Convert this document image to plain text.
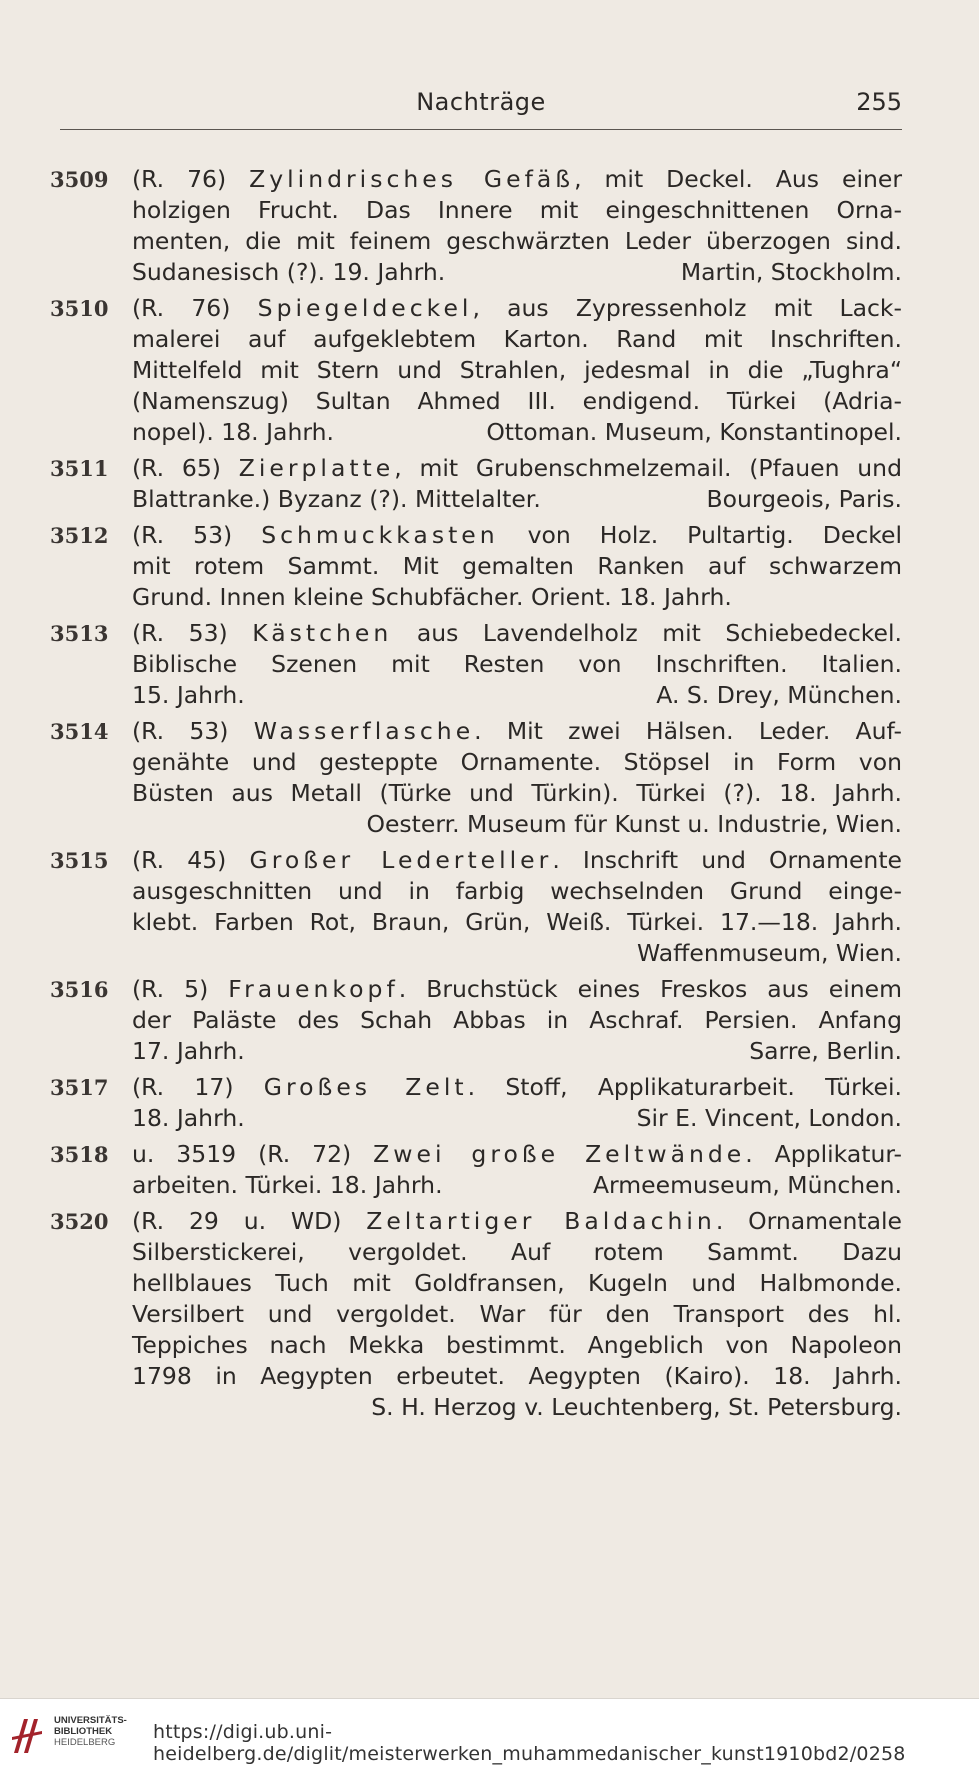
Nachträge	255
3509 (R. 76) Zylindrisches Gefäß, mit Deckel. Aus einer
holzigen Frucht. Das Innere mit eingeschnittenen Orna-
menten, die mit feinem geschwärzten Leder überzogen sind.
Sudanesisch (?). 19. Jahrh.	Martin, Stockholm.
3510 (R. 76) Spiegeldeckel, aus Zypressenholz mit Lack-
malerei auf aufgeklebtem Karton. Rand mit Inschriften.
Mittelfeld mit Stern und Strahlen, jedesmal in die „Tughra“
(Namenszug) Sultan Ahmed III. endigend. Türkei (Adria-
nopel). 18. Jahrh.	Ottoman. Museum, Konstantinopel.
3511 (R. 65) Zierplatte, mit Grubenschmelzemail. (Pfauen und
Blattranke.) Byzanz (?). Mittelalter.	Bourgeois, Paris.
3512 (R. 53) Schmuckkasten von Holz. Pultartig. Deckel
mit rotem Sammt. Mit gemalten Ranken auf schwarzem
Grund. Innen kleine Schubfächer. Orient. 18. Jahrh.
3513 (R. 53) Kästchen aus Lavendelholz mit Schiebedeckel.
Biblische Szenen mit Resten von Inschriften. Italien.
15. Jahrh.	A. S. Drey, München.
3514 (R. 53) Wasserflasche. Mit zwei Hälsen. Leder. Auf-
genähte und gesteppte Ornamente. Stöpsel in Form von
Büsten aus Metall (Türke und Türkin). Türkei (?). 18. Jahrh.
Oesterr. Museum für Kunst u. Industrie, Wien.
3515 (R. 45) Großer Lederteller. Inschrift und Ornamente
ausgeschnitten und in farbig wechselnden Grund einge-
klebt. Farben Rot, Braun, Grün, Weiß. Türkei. 17.—18. Jahrh.
Waffenmuseum, Wien.
3516 (R. 5) Frauenkopf. Bruchstück eines Freskos aus einem
der Paläste des Schah Abbas in Aschraf. Persien. Anfang
17. Jahrh.	Sarre, Berlin.
3517 (R. 17) Großes Zelt. Stoff, Applikaturarbeit. Türkei.
18. Jahrh.	Sir E. Vincent, London.
3518 u. 3519 (R. 72) Zwei große Zeltwände. Applikatur-
arbeiten. Türkei. 18. Jahrh.	Armeemuseum, München.
3520 (R. 29 u. WD) Zeltartiger Baldachin. Ornamentale
Silberstickerei, vergoldet. Auf rotem Sammt. Dazu
hellblaues Tuch mit Goldfransen, Kugeln und Halbmonde.
Versilbert und vergoldet. War für den Transport des hl.
Teppiches nach Mekka bestimmt. Angeblich von Napoleon
1798 in Aegypten erbeutet. Aegypten (Kairo). 18. Jahrh.
S. H. Herzog v. Leuchtenberg, St. Petersburg.
UNIVERSITÄTS-
BIBLIOTHEK
HEIDELBERG	https://digi.ub.uni-heidelberg.de/diglit/meisterwerken_muhammedanischer_kunst1910bd2/0258
